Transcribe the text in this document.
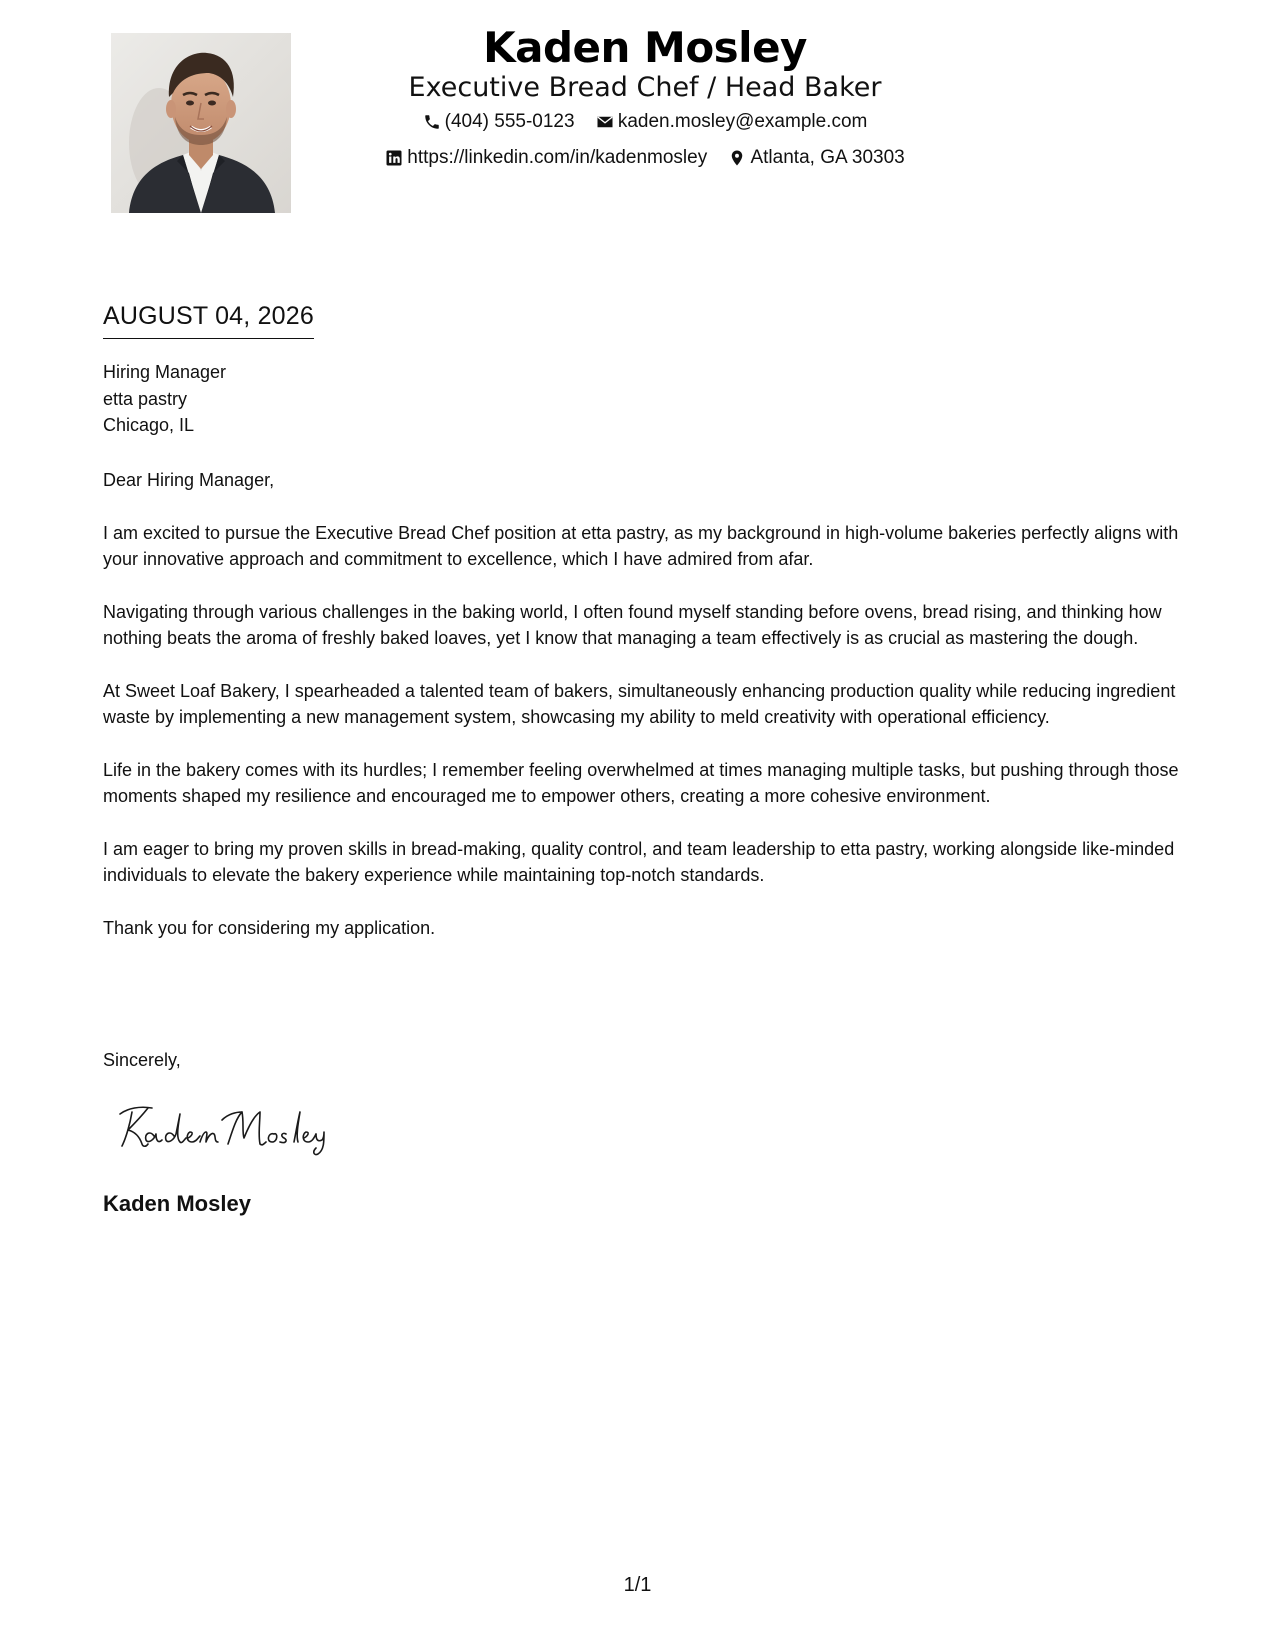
Kaden Mosley
Executive Bread Chef / Head Baker
(404) 555-0123
kaden.mosley@example.com
https://linkedin.com/in/kadenmosley
Atlanta, GA 30303
AUGUST 04, 2026
Hiring Manager
etta pastry
Chicago, IL

Dear Hiring Manager,

I am excited to pursue the Executive Bread Chef position at etta pastry, as my background in high-volume bakeries perfectly aligns with your innovative approach and commitment to excellence, which I have admired from afar.

Navigating through various challenges in the baking world, I often found myself standing before ovens, bread rising, and thinking how nothing beats the aroma of freshly baked loaves, yet I know that managing a team effectively is as crucial as mastering the dough.

At Sweet Loaf Bakery, I spearheaded a talented team of bakers, simultaneously enhancing production quality while reducing ingredient waste by implementing a new management system, showcasing my ability to meld creativity with operational efficiency.

Life in the bakery comes with its hurdles; I remember feeling overwhelmed at times managing multiple tasks, but pushing through those moments shaped my resilience and encouraged me to empower others, creating a more cohesive environment.

I am eager to bring my proven skills in bread-making, quality control, and team leadership to etta pastry, working alongside like-minded individuals to elevate the bakery experience while maintaining top-notch standards.

Thank you for considering my application.

Sincerely,
Kaden Mosley
1/1
